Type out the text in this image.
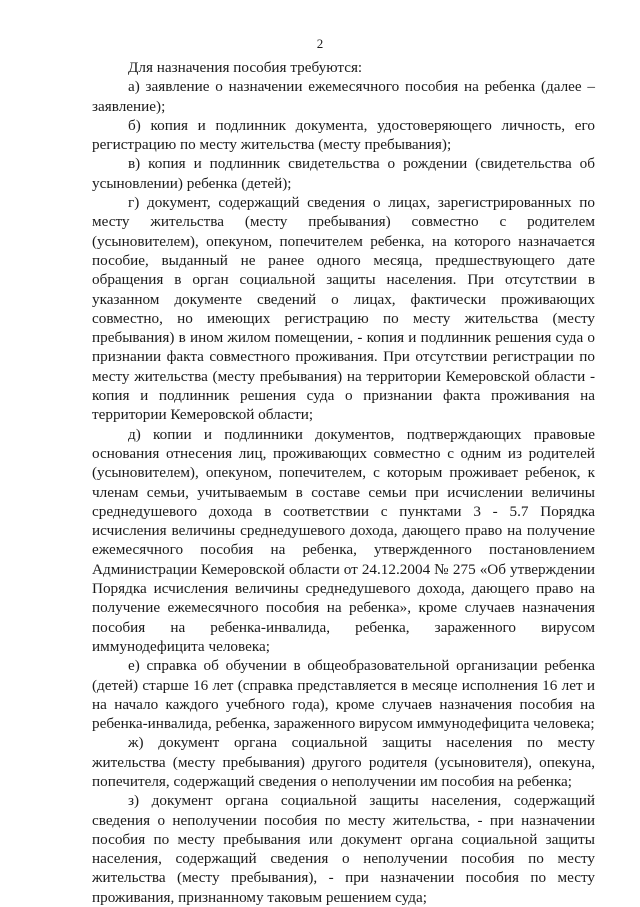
2

Для назначения пособия требуются:

а) заявление о назначении ежемесячного пособия на ребенка (далее – заявление);

б) копия и подлинник документа, удостоверяющего личность, его регистрацию по месту жительства (месту пребывания);

в) копия и подлинник свидетельства о рождении (свидетельства об усыновлении) ребенка (детей);

г) документ, содержащий сведения о лицах, зарегистрированных по месту жительства (месту пребывания) совместно с родителем (усыновителем), опекуном, попечителем ребенка, на которого назначается пособие, выданный не ранее одного месяца, предшествующего дате обращения в орган социальной защиты населения. При отсутствии в указанном документе сведений о лицах, фактически проживающих совместно, но имеющих регистрацию по месту жительства (месту пребывания) в ином жилом помещении, - копия и подлинник решения суда о признании факта совместного проживания. При отсутствии регистрации по месту жительства (месту пребывания) на территории Кемеровской области - копия и подлинник решения суда о признании факта проживания на территории Кемеровской области;

д) копии и подлинники документов, подтверждающих правовые основания отнесения лиц, проживающих совместно с одним из родителей (усыновителем), опекуном, попечителем, с которым проживает ребенок, к членам семьи, учитываемым в составе семьи при исчислении величины среднедушевого дохода в соответствии с пунктами 3 - 5.7 Порядка исчисления величины среднедушевого дохода, дающего право на получение ежемесячного пособия на ребенка, утвержденного постановлением Администрации Кемеровской области от 24.12.2004 № 275 «Об утверждении Порядка исчисления величины среднедушевого дохода, дающего право на получение ежемесячного пособия на ребенка», кроме случаев назначения пособия на ребенка-инвалида, ребенка, зараженного вирусом иммунодефицита человека;

е) справка об обучении в общеобразовательной организации ребенка (детей) старше 16 лет (справка представляется в месяце исполнения 16 лет и на начало каждого учебного года), кроме случаев назначения пособия на ребенка-инвалида, ребенка, зараженного вирусом иммунодефицита человека;

ж) документ органа социальной защиты населения по месту жительства (месту пребывания) другого родителя (усыновителя), опекуна, попечителя, содержащий сведения о неполучении им пособия на ребенка;

з) документ органа социальной защиты населения, содержащий сведения о неполучении пособия по месту жительства, - при назначении пособия по месту пребывания или документ органа социальной защиты населения, содержащий сведения о неполучении пособия по месту жительства (месту пребывания), - при назначении пособия по месту проживания, признанному таковым решением суда;
